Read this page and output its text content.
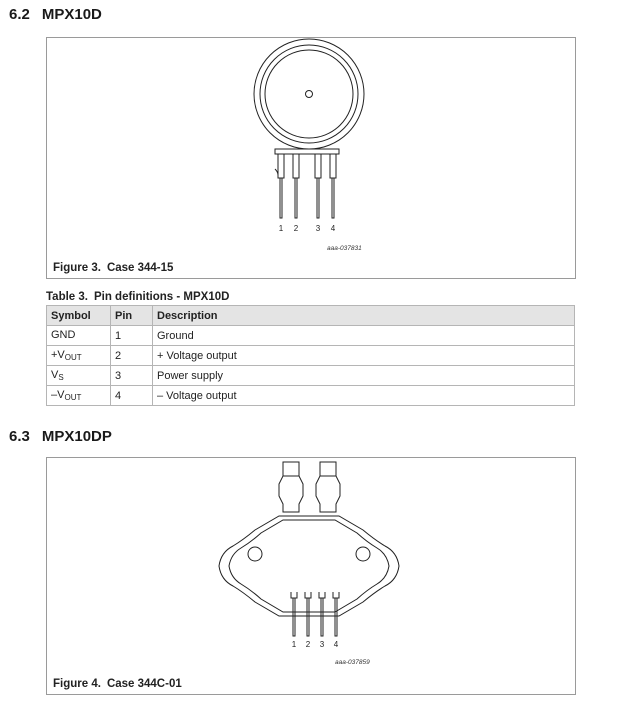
6.2 MPX10D
1 2 3 4
aaa-037831
Figure 3. Case 344-15
Table 3. Pin definitions - MPX10D
Symbol	Pin	Description
GND	1	Ground
$+V_{OUT}$	2	+ Voltage output
$V_S$	3	Power supply
$-V_{OUT}$	4	– Voltage output
6.3 MPX10DP
1 2 3 4
aaa-037859
Figure 4. Case 344C-01
